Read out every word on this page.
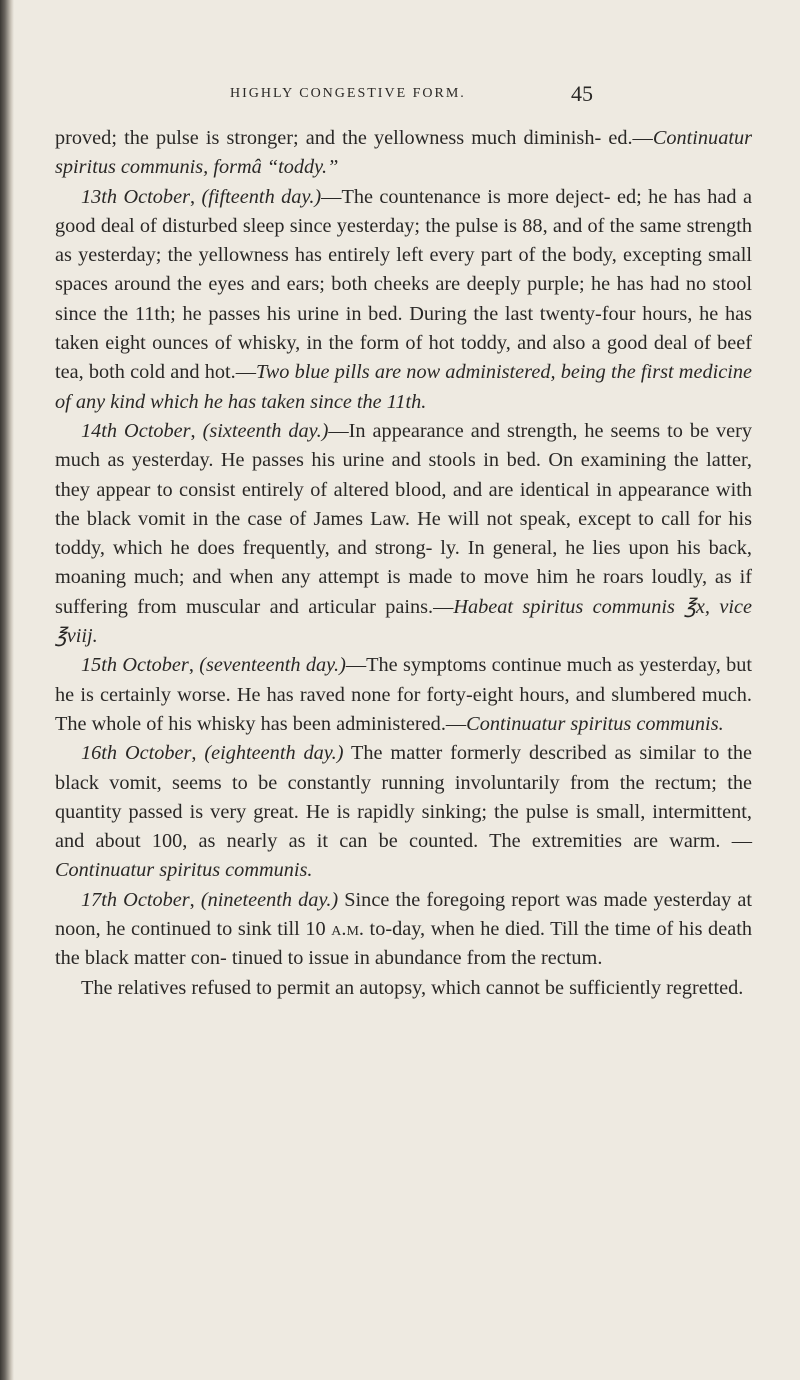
HIGHLY CONGESTIVE FORM.	45

proved; the pulse is stronger; and the yellowness much diminish- ed.—Continuatur spiritus communis, formâ “toddy.”

13th October, (fifteenth day.)—The countenance is more deject- ed; he has had a good deal of disturbed sleep since yesterday; the pulse is 88, and of the same strength as yesterday; the yellowness has entirely left every part of the body, excepting small spaces around the eyes and ears; both cheeks are deeply purple; he has had no stool since the 11th; he passes his urine in bed. During the last twenty-four hours, he has taken eight ounces of whisky, in the form of hot toddy, and also a good deal of beef tea, both cold and hot.—Two blue pills are now administered, being the first medicine of any kind which he has taken since the 11th.

14th October, (sixteenth day.)—In appearance and strength, he seems to be very much as yesterday. He passes his urine and stools in bed. On examining the latter, they appear to consist entirely of altered blood, and are identical in appearance with the black vomit in the case of James Law. He will not speak, except to call for his toddy, which he does frequently, and strong- ly. In general, he lies upon his back, moaning much; and when any attempt is made to move him he roars loudly, as if suffering from muscular and articular pains.—Habeat spiritus communis ℥x, vice ℥viij.

15th October, (seventeenth day.)—The symptoms continue much as yesterday, but he is certainly worse. He has raved none for forty-eight hours, and slumbered much. The whole of his whisky has been administered.—Continuatur spiritus communis.

16th October, (eighteenth day.) The matter formerly described as similar to the black vomit, seems to be constantly running involuntarily from the rectum; the quantity passed is very great. He is rapidly sinking; the pulse is small, intermittent, and about 100, as nearly as it can be counted. The extremities are warm. —Continuatur spiritus communis.

17th October, (nineteenth day.) Since the foregoing report was made yesterday at noon, he continued to sink till 10 a.m. to-day, when he died. Till the time of his death the black matter con- tinued to issue in abundance from the rectum.

The relatives refused to permit an autopsy, which cannot be sufficiently regretted.
